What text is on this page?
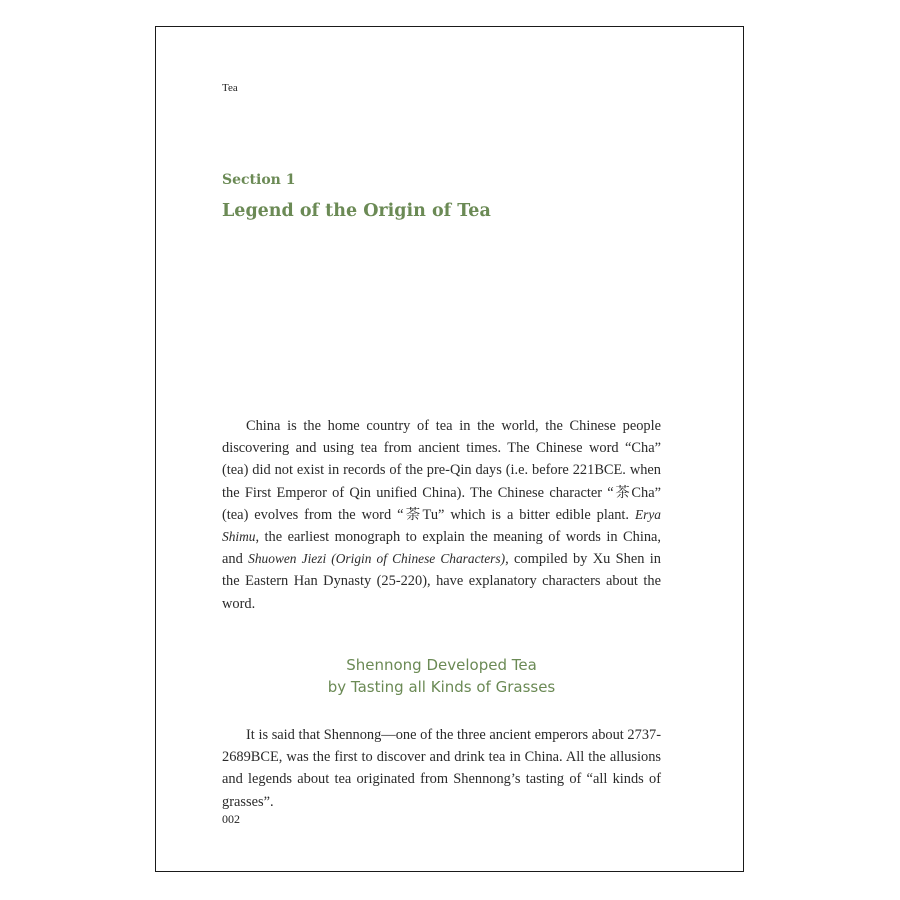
Tea
Section 1
Legend of the Origin of Tea

China is the home country of tea in the world, the Chinese people discovering and using tea from ancient times. The Chinese word “Cha” (tea) did not exist in records of the pre-Qin days (i.e. before 221BCE. when the First Emperor of Qin unified China). The Chinese character “茶Cha” (tea) evolves from the word “荼Tu” which is a bitter edible plant. Erya Shimu, the earliest monograph to explain the meaning of words in China, and Shuowen Jiezi (Origin of Chinese Characters), compiled by Xu Shen in the Eastern Han Dynasty (25-220), have explanatory characters about the word.

Shennong Developed Tea
by Tasting all Kinds of Grasses

It is said that Shennong—one of the three ancient emperors about 2737-2689BCE, was the first to discover and drink tea in China. All the allusions and legends about tea originated from Shennong’s tasting of “all kinds of grasses”.

002
